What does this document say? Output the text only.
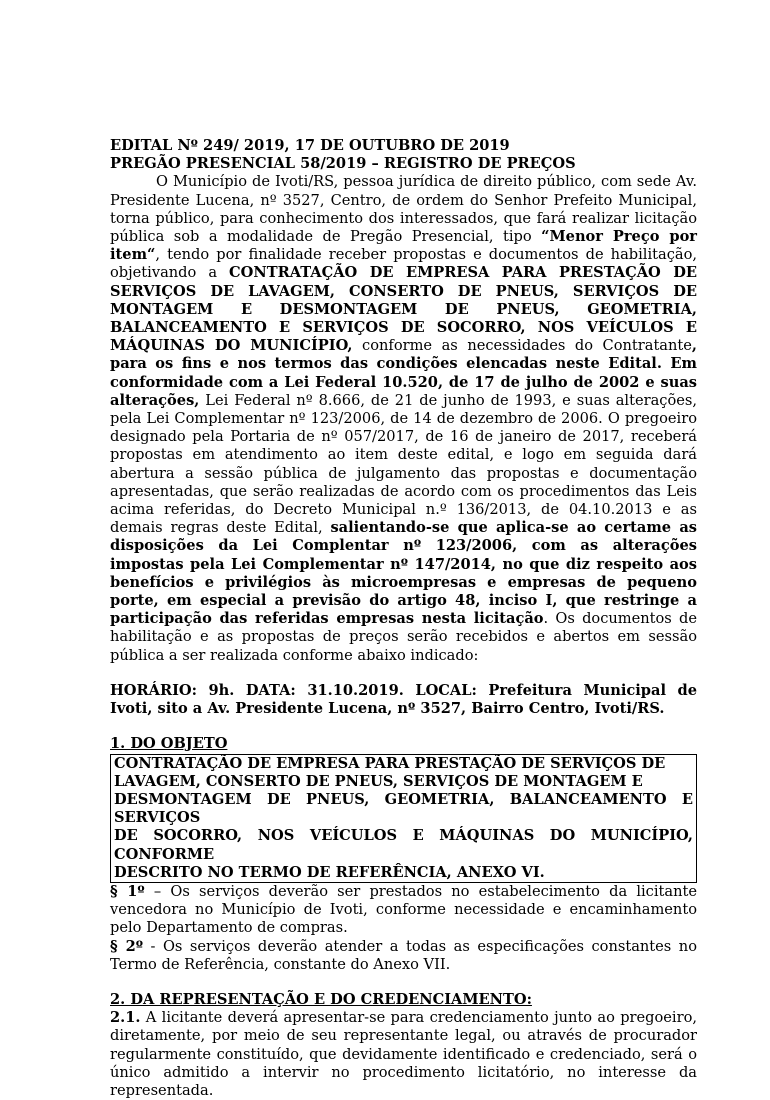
EDITAL Nº 249/ 2019, 17 DE OUTUBRO DE 2019

PREGÃO PRESENCIAL 58/2019 – REGISTRO DE PREÇOS

O Município de Ivoti/RS, pessoa jurídica de direito público, com sede Av. Presidente Lucena, nº 3527, Centro, de ordem do Senhor Prefeito Municipal, torna público, para conhecimento dos interessados, que fará realizar licitação pública sob a modalidade de Pregão Presencial, tipo “Menor Preço por item“, tendo por finalidade receber propostas e documentos de habilitação, objetivando a CONTRATAÇÃO DE EMPRESA PARA PRESTAÇÃO DE SERVIÇOS DE LAVAGEM, CONSERTO DE PNEUS, SERVIÇOS DE MONTAGEM E DESMONTAGEM DE PNEUS, GEOMETRIA, BALANCEAMENTO E SERVIÇOS DE SOCORRO, NOS VEÍCULOS E MÁQUINAS DO MUNICÍPIO, conforme as necessidades do Contratante, para os fins e nos termos das condições elencadas neste Edital. Em conformidade com a Lei Federal 10.520, de 17 de julho de 2002 e suas alterações, Lei Federal nº 8.666, de 21 de junho de 1993, e suas alterações, pela Lei Complementar nº 123/2006, de 14 de dezembro de 2006. O pregoeiro designado pela Portaria de nº 057/2017, de 16 de janeiro de 2017, receberá propostas em atendimento ao item deste edital, e logo em seguida dará abertura a sessão pública de julgamento das propostas e documentação apresentadas, que serão realizadas de acordo com os procedimentos das Leis acima referidas, do Decreto Municipal n.º 136/2013, de 04.10.2013 e as demais regras deste Edital, salientando-se que aplica-se ao certame as disposições da Lei Complentar nº 123/2006, com as alterações impostas pela Lei Complementar nº 147/2014, no que diz respeito aos benefícios e privilégios às microempresas e empresas de pequeno porte, em especial a previsão do artigo 48, inciso I, que restringe a participação das referidas empresas nesta licitação. Os documentos de habilitação e as propostas de preços serão recebidos e abertos em sessão pública a ser realizada conforme abaixo indicado:

HORÁRIO: 9h. DATA: 31.10.2019. LOCAL: Prefeitura Municipal de Ivoti, sito a Av. Presidente Lucena, nº 3527, Bairro Centro, Ivoti/RS.

1. DO OBJETO

CONTRATAÇÃO DE EMPRESA PARA PRESTAÇÃO DE SERVIÇOS DE
LAVAGEM, CONSERTO DE PNEUS, SERVIÇOS DE MONTAGEM E
DESMONTAGEM DE PNEUS, GEOMETRIA, BALANCEAMENTO E SERVIÇOS
DE SOCORRO, NOS VEÍCULOS E MÁQUINAS DO MUNICÍPIO, CONFORME
DESCRITO NO TERMO DE REFERÊNCIA, ANEXO VI.

§ 1º – Os serviços deverão ser prestados no estabelecimento da licitante vencedora no Município de Ivoti, conforme necessidade e encaminhamento pelo Departamento de compras.

§ 2º - Os serviços deverão atender a todas as especificações constantes no Termo de Referência, constante do Anexo VII.

2. DA REPRESENTAÇÃO E DO CREDENCIAMENTO:

2.1. A licitante deverá apresentar-se para credenciamento junto ao pregoeiro, diretamente, por meio de seu representante legal, ou através de procurador regularmente constituído, que devidamente identificado e credenciado, será o único admitido a intervir no procedimento licitatório, no interesse da representada.
